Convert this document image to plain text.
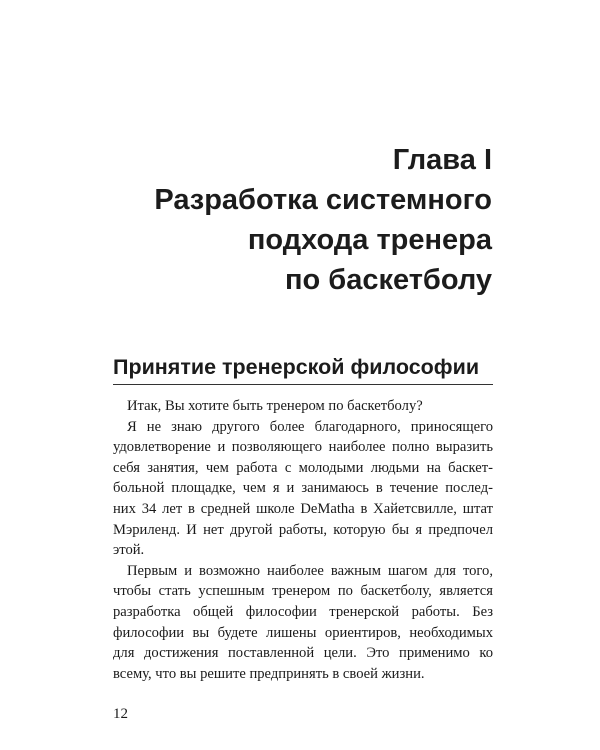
Глава I
Разработка системного
подхода тренера
по баскетболу
Принятие тренерской философии
Итак, Вы хотите быть тренером по баскетболу?
Я не знаю другого более благодарного, приносящего
удовлетворение и позволяющего наиболее полно выразить
себя занятия, чем работа с молодыми людьми на баскет-
больной площадке, чем я и занимаюсь в течение послед-
них 34 лет в средней школе DeMatha в Хайетсвилле, штат
Мэриленд. И нет другой работы, которую бы я предпочел
этой.
Первым и возможно наиболее важным шагом для того,
чтобы стать успешным тренером по баскетболу, является
разработка общей философии тренерской работы. Без
философии вы будете лишены ориентиров, необходимых
для достижения поставленной цели. Это применимо ко
всему, что вы решите предпринять в своей жизни.
12
